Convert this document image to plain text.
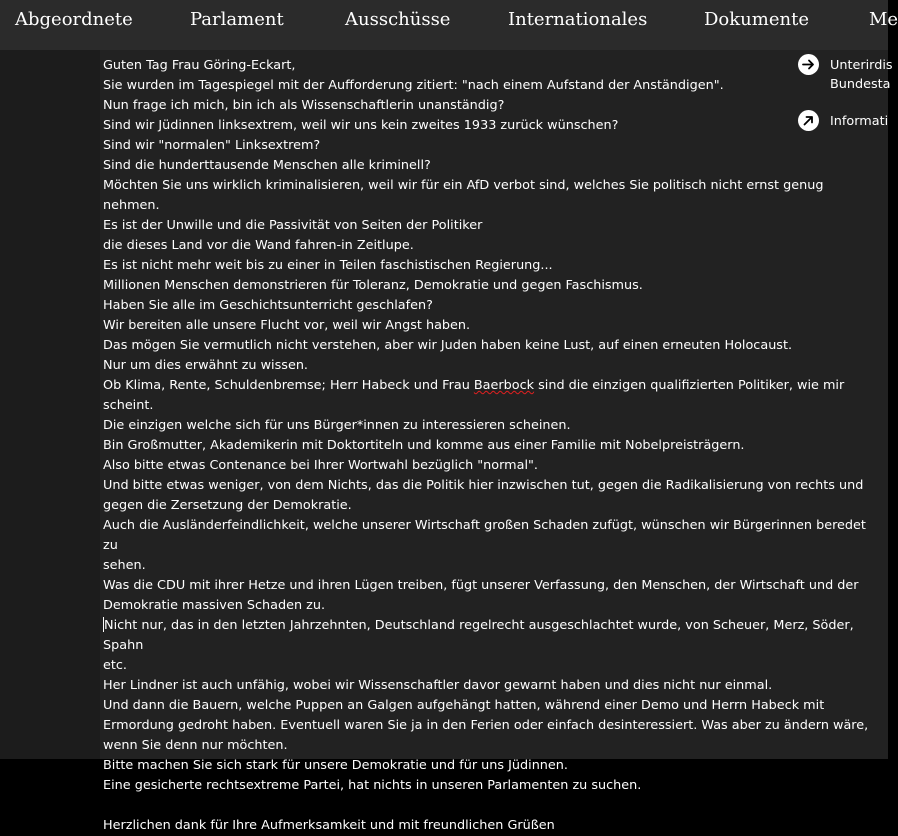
Abgeordnete	Parlament	Ausschüsse	Internationales	Dokumente	Me
Guten Tag Frau Göring-Eckart,
Sie wurden im Tagespiegel mit der Aufforderung zitiert: "nach einem Aufstand der Anständigen".
Nun frage ich mich, bin ich als Wissenschaftlerin unanständig?
Sind wir Jüdinnen linksextrem, weil wir uns kein zweites 1933 zurück wünschen?
Sind wir "normalen" Linksextrem?
Sind die hunderttausende Menschen alle kriminell?
Möchten Sie uns wirklich kriminalisieren, weil wir für ein AfD verbot sind, welches Sie politisch nicht ernst genug nehmen.
Es ist der Unwille und die Passivität von Seiten der Politiker
die dieses Land vor die Wand fahren-in Zeitlupe.
Es ist nicht mehr weit bis zu einer in Teilen faschistischen Regierung...
Millionen Menschen demonstrieren für Toleranz, Demokratie und gegen Faschismus.
Haben Sie alle im Geschichtsunterricht geschlafen?
Wir bereiten alle unsere Flucht vor, weil wir Angst haben.
Das mögen Sie vermutlich nicht verstehen, aber wir Juden haben keine Lust, auf einen erneuten Holocaust.
Nur um dies erwähnt zu wissen.
Ob Klima, Rente, Schuldenbremse; Herr Habeck und Frau Baerbock sind die einzigen qualifizierten Politiker, wie mir scheint.
Die einzigen welche sich für uns Bürger*innen zu interessieren scheinen.
Bin Großmutter, Akademikerin mit Doktortiteln und komme aus einer Familie mit Nobelpreisträgern.
Also bitte etwas Contenance bei Ihrer Wortwahl bezüglich "normal".
Und bitte etwas weniger, von dem Nichts, das die Politik hier inzwischen tut, gegen die Radikalisierung von rechts und
gegen die Zersetzung der Demokratie.
Auch die Ausländerfeindlichkeit, welche unserer Wirtschaft großen Schaden zufügt, wünschen wir Bürgerinnen beredet zu
sehen.
Was die CDU mit ihrer Hetze und ihren Lügen treiben, fügt unserer Verfassung, den Menschen, der Wirtschaft und der
Demokratie massiven Schaden zu.
Nicht nur, das in den letzten Jahrzehnten, Deutschland regelrecht ausgeschlachtet wurde, von Scheuer, Merz, Söder, Spahn
etc.
Her Lindner ist auch unfähig, wobei wir Wissenschaftler davor gewarnt haben und dies nicht nur einmal.
Und dann die Bauern, welche Puppen an Galgen aufgehängt hatten, während einer Demo und Herrn Habeck mit
Ermordung gedroht haben. Eventuell waren Sie ja in den Ferien oder einfach desinteressiert. Was aber zu ändern wäre,
wenn Sie denn nur möchten.
Bitte machen Sie sich stark für unsere Demokratie und für uns Jüdinnen.
Eine gesicherte rechtsextreme Partei, hat nichts in unseren Parlamenten zu suchen.
Herzlichen dank für Ihre Aufmerksamkeit und mit freundlichen Grüßen
Unterirdis
Bundesta
Informati
